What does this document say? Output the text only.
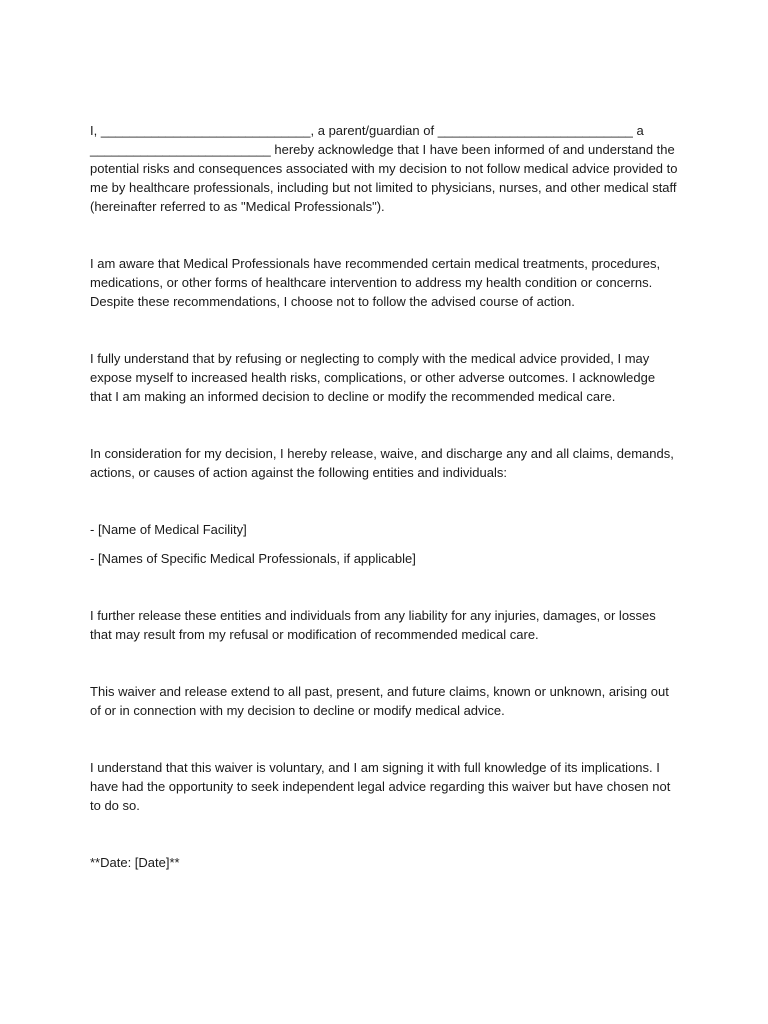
I, _____________________________, a parent/guardian of ___________________________ a _________________________ hereby acknowledge that I have been informed of and understand the potential risks and consequences associated with my decision to not follow medical advice provided to me by healthcare professionals, including but not limited to physicians, nurses, and other medical staff (hereinafter referred to as "Medical Professionals").

I am aware that Medical Professionals have recommended certain medical treatments, procedures, medications, or other forms of healthcare intervention to address my health condition or concerns. Despite these recommendations, I choose not to follow the advised course of action.

I fully understand that by refusing or neglecting to comply with the medical advice provided, I may expose myself to increased health risks, complications, or other adverse outcomes. I acknowledge that I am making an informed decision to decline or modify the recommended medical care.

In consideration for my decision, I hereby release, waive, and discharge any and all claims, demands, actions, or causes of action against the following entities and individuals:

- [Name of Medical Facility]

- [Names of Specific Medical Professionals, if applicable]

I further release these entities and individuals from any liability for any injuries, damages, or losses that may result from my refusal or modification of recommended medical care.

This waiver and release extend to all past, present, and future claims, known or unknown, arising out of or in connection with my decision to decline or modify medical advice.

I understand that this waiver is voluntary, and I am signing it with full knowledge of its implications. I have had the opportunity to seek independent legal advice regarding this waiver but have chosen not to do so.

**Date: [Date]**
